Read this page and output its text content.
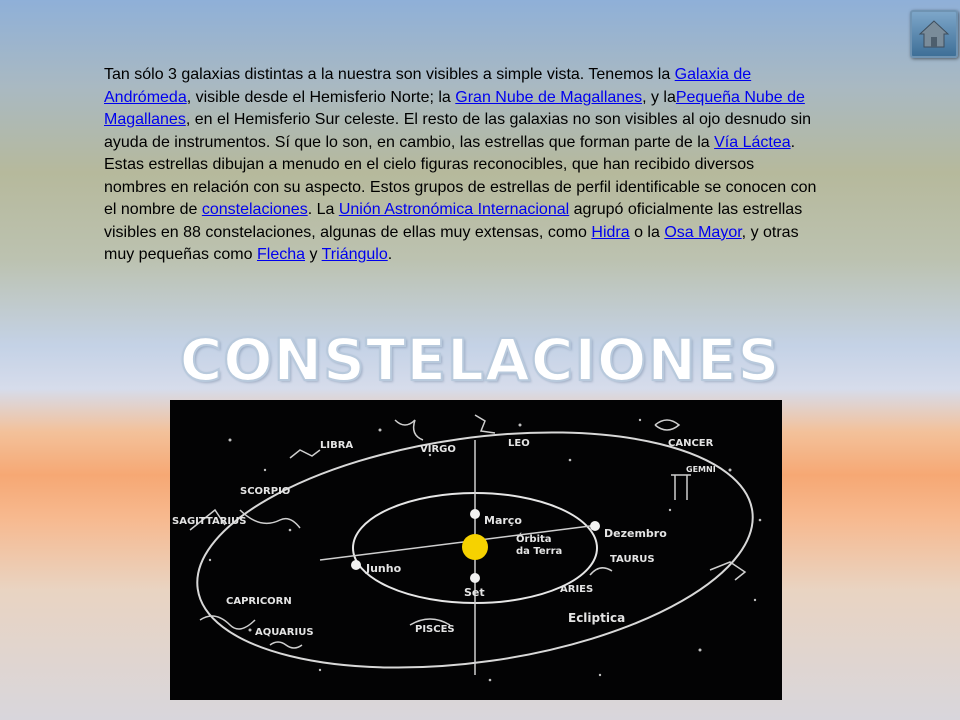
Tan sólo 3 galaxias distintas a la nuestra son visibles a simple vista. Tenemos la Galaxia de Andrómeda, visible desde el Hemisferio Norte; la Gran Nube de Magallanes, y laPequeña Nube de Magallanes, en el Hemisferio Sur celeste. El resto de las galaxias no son visibles al ojo desnudo sin ayuda de instrumentos. Sí que lo son, en cambio, las estrellas que forman parte de la Vía Láctea. Estas estrellas dibujan a menudo en el cielo figuras reconocibles, que han recibido diversos nombres en relación con su aspecto. Estos grupos de estrellas de perfil identificable se conocen con el nombre de constelaciones. La Unión Astronómica Internacional agrupó oficialmente las estrellas visibles en 88 constelaciones, algunas de ellas muy extensas, como Hidra o la Osa Mayor, y otras muy pequeñas como Flecha y Triángulo.
CONSTELACIONES
LIBRA	VIRGO
LEO	CANCER
GEMNI
SCORPIO
SAGITTARIUS
CAPRICORN
AQUARIUS	PISCES
ARIES
TAURUS
Março
Dezembro
Junho
Set
Órbita
da Terra
Ecliptica
